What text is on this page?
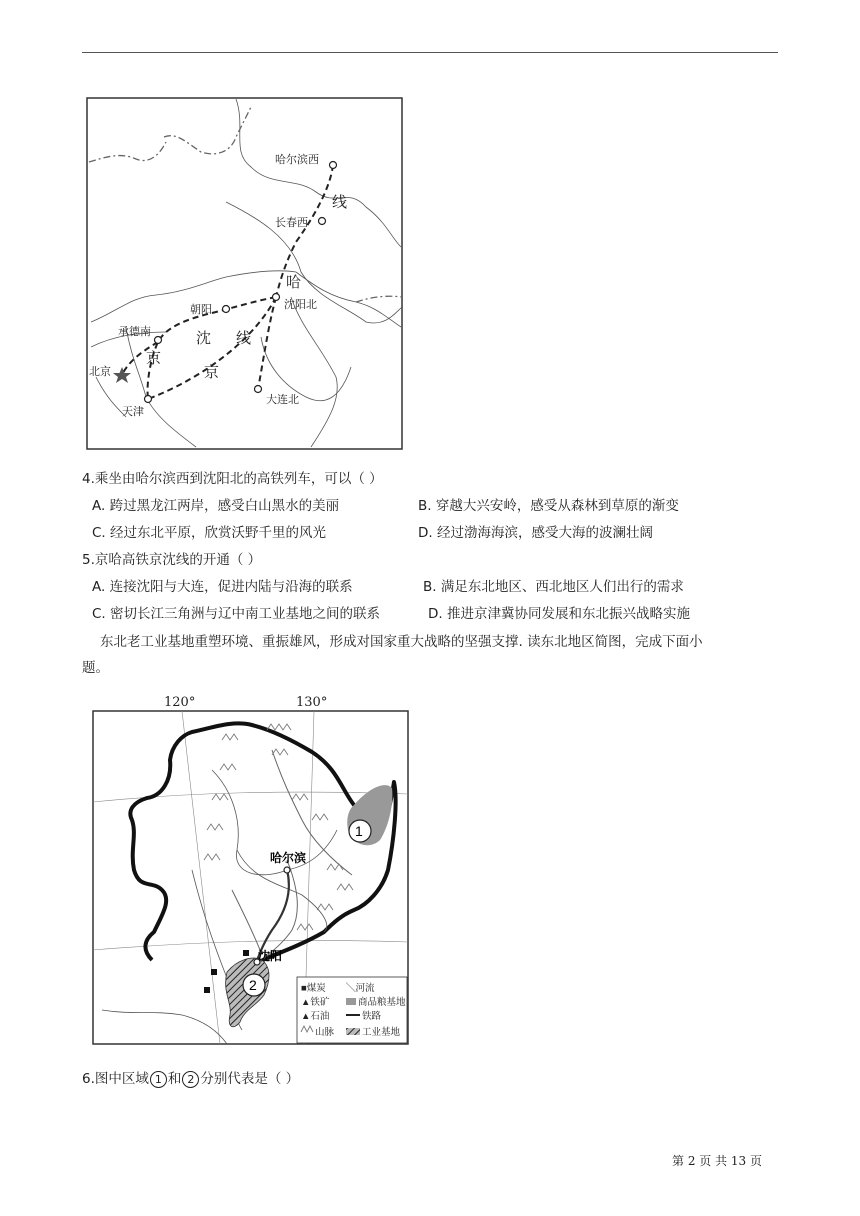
哈尔滨西
长春西
沈阳北
朝阳
承德南
北京
天津
大连北
线
哈
线
沈
京
京
4.乘坐由哈尔滨西到沈阳北的高铁列车，可以（ ）
A. 跨过黑龙江两岸，感受白山黑水的美丽	B. 穿越大兴安岭，感受从森林到草原的渐变
C. 经过东北平原，欣赏沃野千里的风光	D. 经过渤海海滨，感受大海的波澜壮阔
5.京哈高铁京沈线的开通（ ）
A. 连接沈阳与大连，促进内陆与沿海的联系	B. 满足东北地区、西北地区人们出行的需求
C. 密切长江三角洲与辽中南工业基地之间的联系	D. 推进京津冀协同发展和东北振兴战略实施
东北老工业基地重塑环境、重振雄风，形成对国家重大战略的坚强支撑. 读东北地区简图，完成下面小
题。
120°	130°
1
2
哈尔滨
沈阳
■煤炭 ╲河流
▲铁矿	商品粮基地
▲石油	铁路
山脉	工业基地
6.图中区域 1 和 2 分别代表是（ ）
第 2 页 共 13 页
